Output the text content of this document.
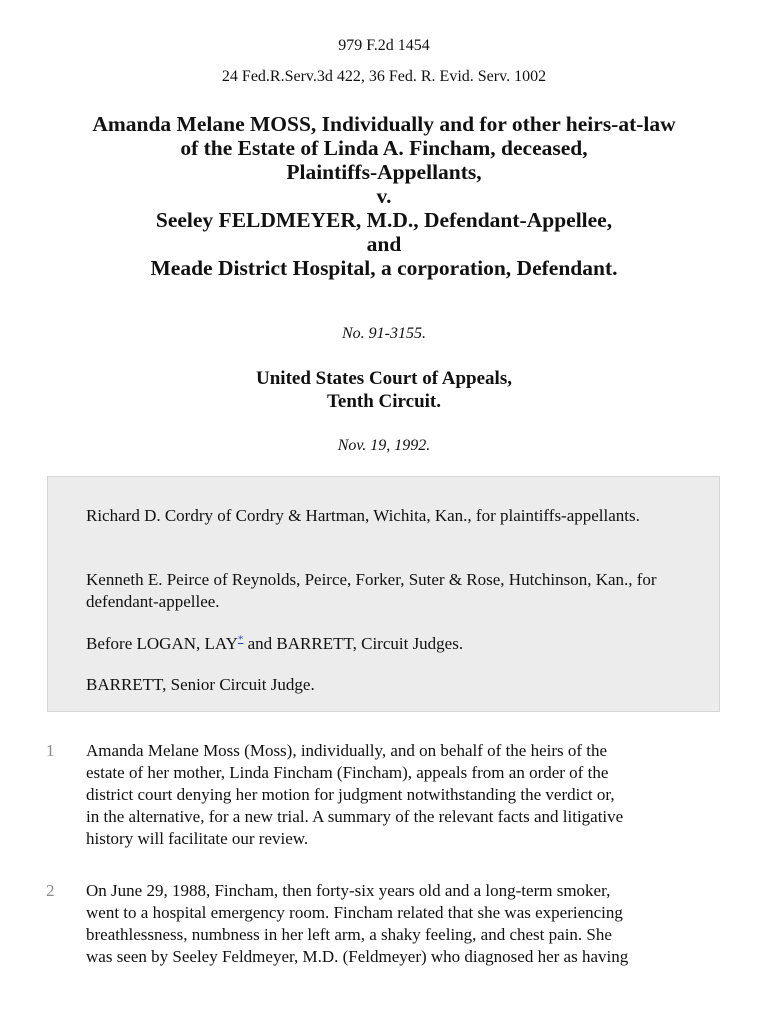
979 F.2d 1454
24 Fed.R.Serv.3d 422, 36 Fed. R. Evid. Serv. 1002
Amanda Melane MOSS, Individually and for other heirs-at-law
of the Estate of Linda A. Fincham, deceased,
Plaintiffs-Appellants,
v.
Seeley FELDMEYER, M.D., Defendant-Appellee,
and
Meade District Hospital, a corporation, Defendant.
No. 91-3155.
United States Court of Appeals,
Tenth Circuit.
Nov. 19, 1992.

Richard D. Cordry of Cordry & Hartman, Wichita, Kan., for plaintiffs-appellants.

Kenneth E. Peirce of Reynolds, Peirce, Forker, Suter & Rose, Hutchinson, Kan., for defendant-appellee.

Before LOGAN, LAY* and BARRETT, Circuit Judges.

BARRETT, Senior Circuit Judge.

1 Amanda Melane Moss (Moss), individually, and on behalf of the heirs of the
estate of her mother, Linda Fincham (Fincham), appeals from an order of the
district court denying her motion for judgment notwithstanding the verdict or,
in the alternative, for a new trial. A summary of the relevant facts and litigative
history will facilitate our review.

2 On June 29, 1988, Fincham, then forty-six years old and a long-term smoker,
went to a hospital emergency room. Fincham related that she was experiencing
breathlessness, numbness in her left arm, a shaky feeling, and chest pain. She
was seen by Seeley Feldmeyer, M.D. (Feldmeyer) who diagnosed her as having
